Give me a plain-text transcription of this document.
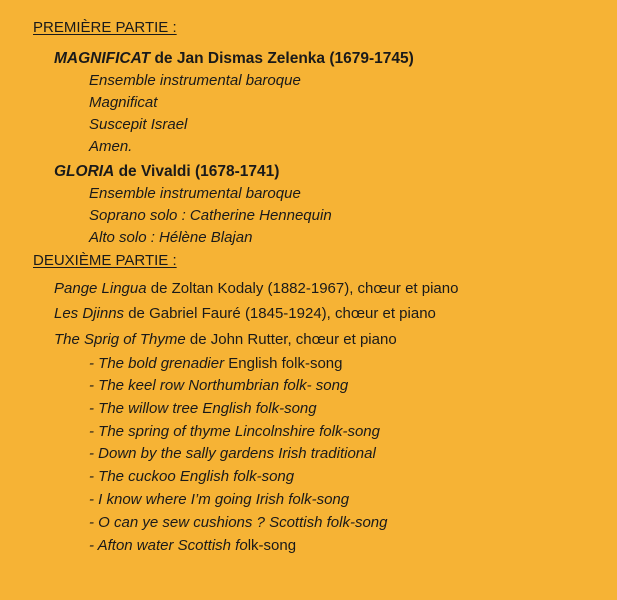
PREMIÈRE PARTIE :
MAGNIFICAT de Jan Dismas Zelenka (1679-1745)
Ensemble instrumental baroque
Magnificat
Suscepit Israel
Amen.
GLORIA de Vivaldi (1678-1741)
Ensemble instrumental baroque
Soprano solo : Catherine Hennequin
Alto solo : Hélène Blajan
DEUXIÈME PARTIE :
Pange Lingua de Zoltan Kodaly (1882-1967), chœur et piano
Les Djinns de Gabriel Fauré (1845-1924), chœur et piano
The Sprig of Thyme de John Rutter, chœur et piano
- The bold grenadier English folk-song
- The keel row Northumbrian folk- song
- The willow tree English folk-song
- The spring of thyme Lincolnshire folk-song
- Down by the sally gardens Irish traditional
- The cuckoo English folk-song
- I know where I’m going Irish folk-song
- O can ye sew cushions ? Scottish folk-song
- Afton water Scottish folk-song
